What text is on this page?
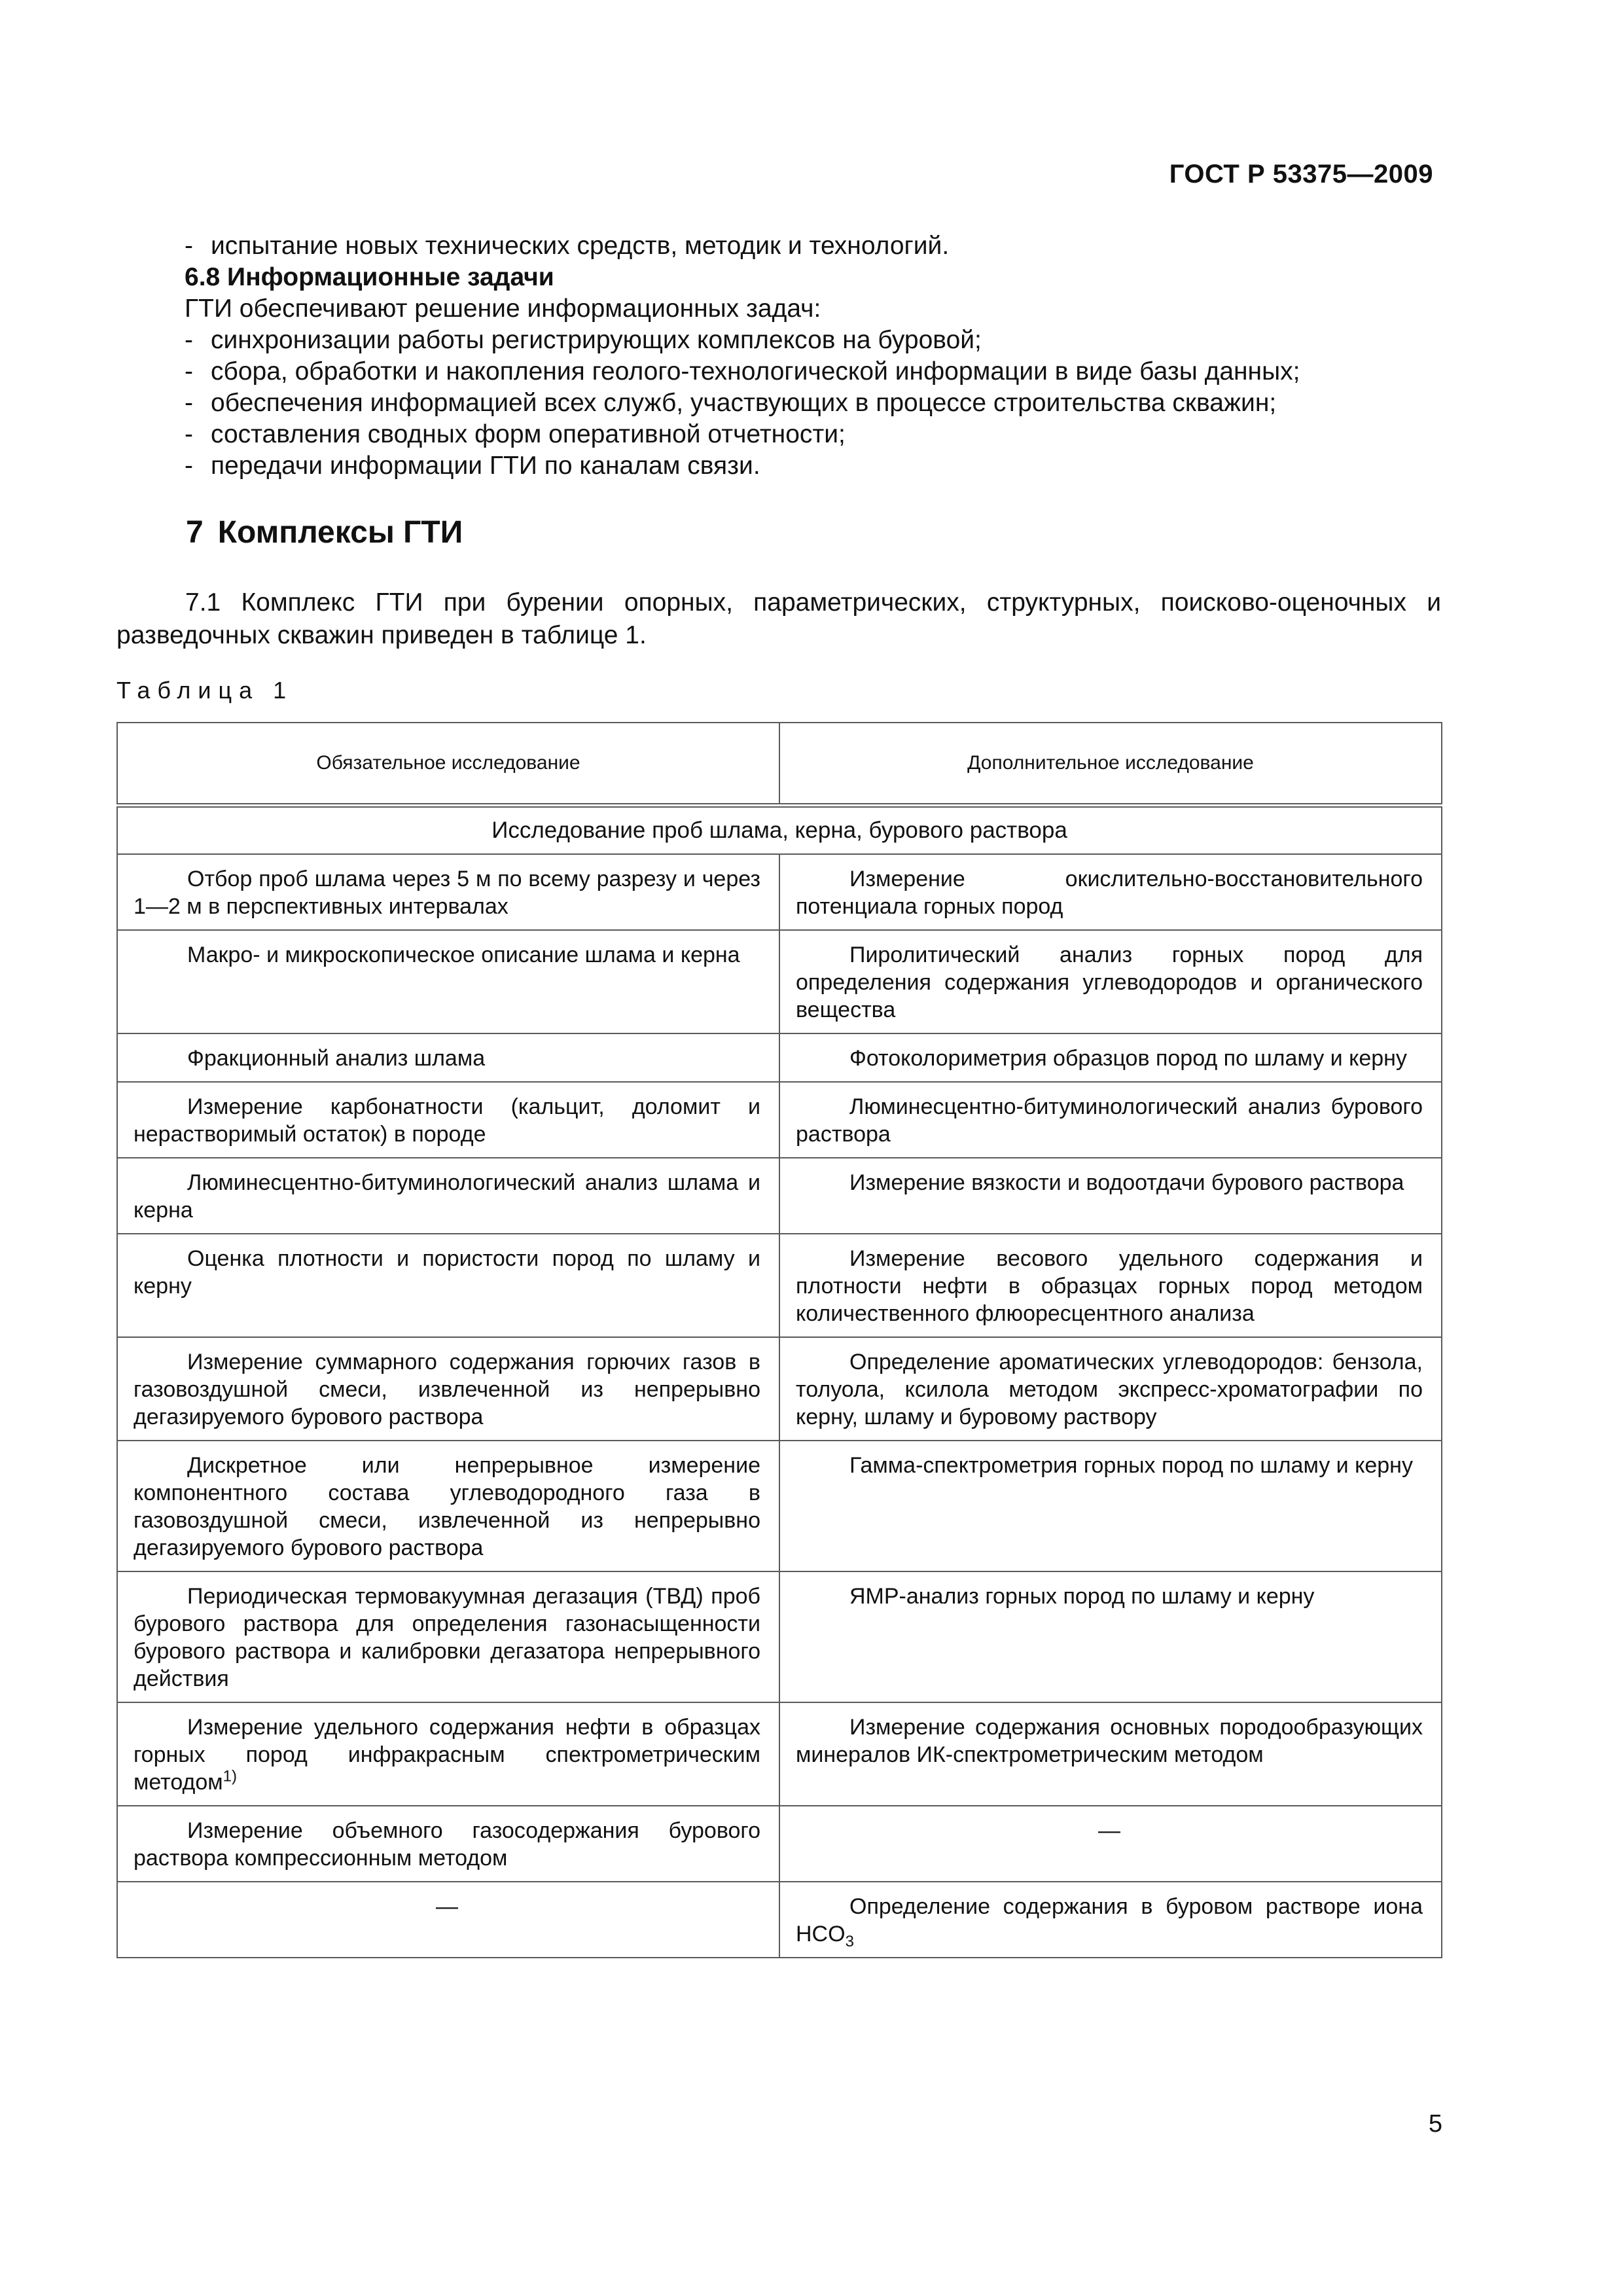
ГОСТ Р 53375—2009
- испытание новых технических средств, методик и технологий.
6.8 Информационные задачи
ГТИ обеспечивают решение информационных задач:
- синхронизации работы регистрирующих комплексов на буровой;
- сбора, обработки и накопления геолого-технологической информации в виде базы данных;
- обеспечения информацией всех служб, участвующих в процессе строительства скважин;
- составления сводных форм оперативной отчетности;
- передачи информации ГТИ по каналам связи.
7 Комплексы ГТИ
7.1 Комплекс ГТИ при бурении опорных, параметрических, структурных, поисково-оценочных и
разведочных скважин приведен в таблице 1.
Таблица 1
Обязательное исследование	Дополнительное исследование
Исследование проб шлама, керна, бурового раствора	
Отбор проб шлама через 5 м по всему разрезу и через 1—2 м в перспективных интервалах	Измерение окислительно-восстановительного потенциала горных пород
Макро- и микроскопическое описание шлама и керна	Пиролитический анализ горных пород для определения содержания углеводородов и органического вещества
Фракционный анализ шлама	Фотоколориметрия образцов пород по шламу и керну
Измерение карбонатности (кальцит, доломит и нерастворимый остаток) в породе	Люминесцентно-битуминологический анализ бурового раствора
Люминесцентно-битуминологический анализ шлама и керна	Измерение вязкости и водоотдачи бурового раствора
Оценка плотности и пористости пород по шламу и керну	Измерение весового удельного содержания и плотности нефти в образцах горных пород методом количественного флюоресцентного анализа
Измерение суммарного содержания горючих газов в газовоздушной смеси, извлеченной из непрерывно дегазируемого бурового раствора	Определение ароматических углеводородов: бензола, толуола, ксилола методом экспресс-хроматографии по керну, шламу и буровому раствору
Дискретное или непрерывное измерение компонентного состава углеводородного газа в газовоздушной смеси, извлеченной из непрерывно дегазируемого бурового раствора	Гамма-спектрометрия горных пород по шламу и керну
Периодическая термовакуумная дегазация (ТВД) проб бурового раствора для определения газонасыщенности бурового раствора и калибровки дегазатора непрерывного действия	ЯМР-анализ горных пород по шламу и керну
Измерение удельного содержания нефти в образцах горных пород инфракрасным спектрометрическим методом$^{1)}$	Измерение содержания основных породообразующих минералов ИК-спектрометрическим методом
Измерение объемного газосодержания бурового раствора компрессионным методом	—
—	Определение содержания в буровом растворе иона $HCO_3$
5
